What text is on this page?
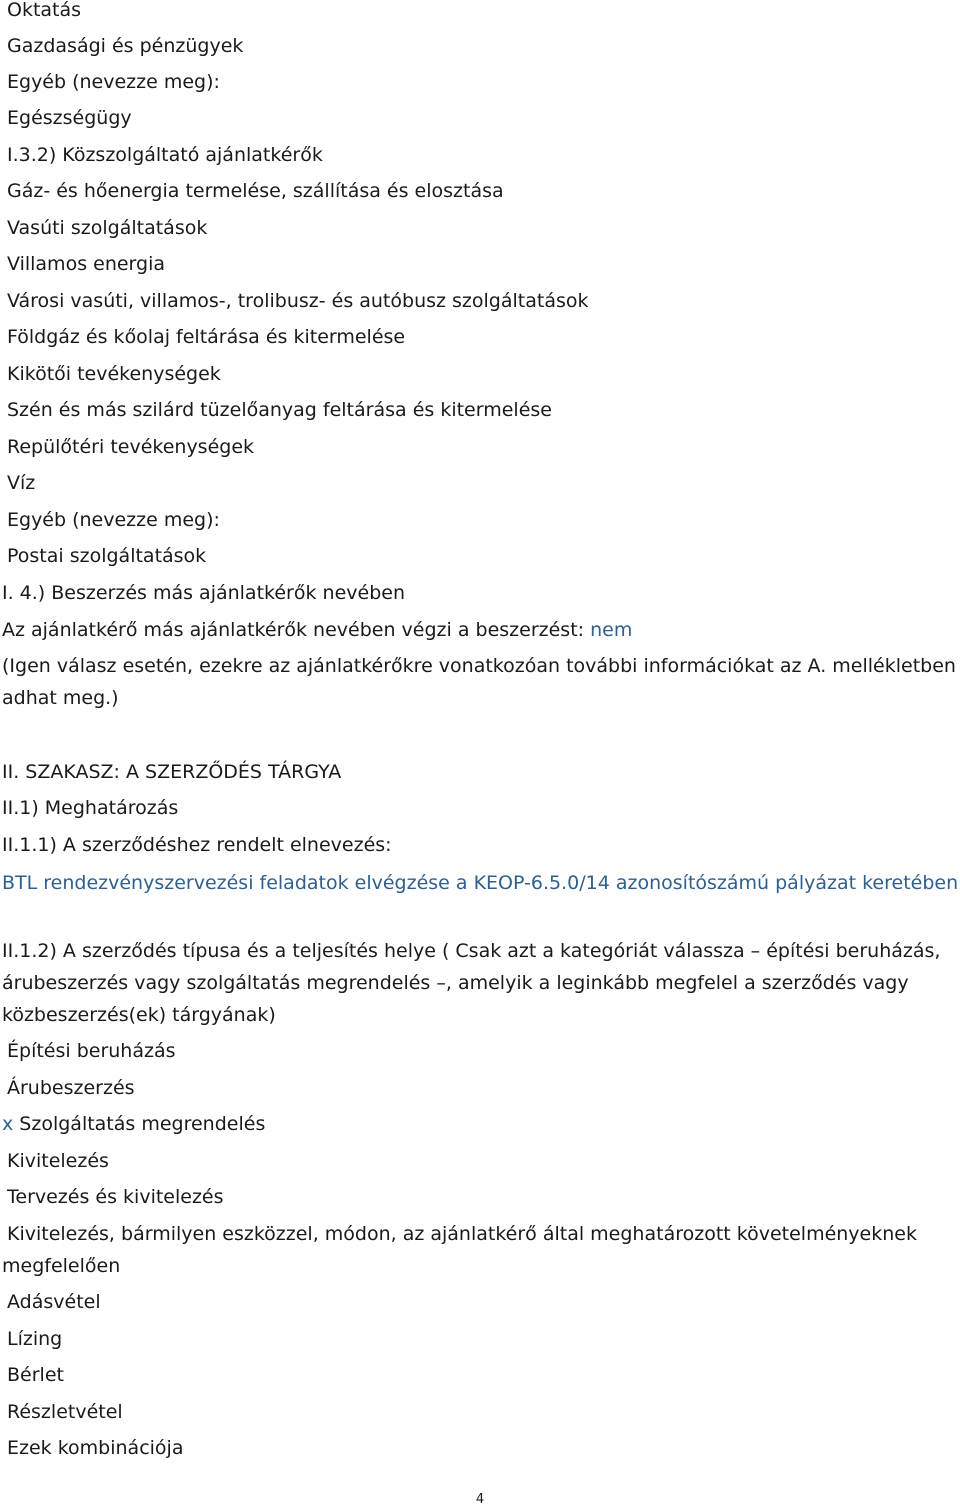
Oktatás

Gazdasági és pénzügyek

Egyéb (nevezze meg):

Egészségügy

I.3.2) Közszolgáltató ajánlatkérők

Gáz- és hőenergia termelése, szállítása és elosztása

Vasúti szolgáltatások

Villamos energia

Városi vasúti, villamos-, trolibusz- és autóbusz szolgáltatások

Földgáz és kőolaj feltárása és kitermelése

Kikötői tevékenységek

Szén és más szilárd tüzelőanyag feltárása és kitermelése

Repülőtéri tevékenységek

Víz

Egyéb (nevezze meg):

Postai szolgáltatások

I. 4.) Beszerzés más ajánlatkérők nevében

Az ajánlatkérő más ajánlatkérők nevében végzi a beszerzést: nem

(Igen válasz esetén, ezekre az ajánlatkérőkre vonatkozóan további információkat az A. mellékletben adhat meg.)

II. SZAKASZ: A SZERZŐDÉS TÁRGYA

II.1) Meghatározás

II.1.1) A szerződéshez rendelt elnevezés:

BTL rendezvényszervezési feladatok elvégzése a KEOP-6.5.0/14 azonosítószámú pályázat keretében

II.1.2) A szerződés típusa és a teljesítés helye ( Csak azt a kategóriát válassza – építési beruházás, árubeszerzés vagy szolgáltatás megrendelés –, amelyik a leginkább megfelel a szerződés vagy közbeszerzés(ek) tárgyának)

Építési beruházás

Árubeszerzés

x Szolgáltatás megrendelés

Kivitelezés

Tervezés és kivitelezés

Kivitelezés, bármilyen eszközzel, módon, az ajánlatkérő által meghatározott követelményeknek megfelelően

Adásvétel

Lízing

Bérlet

Részletvétel

Ezek kombinációja

4
